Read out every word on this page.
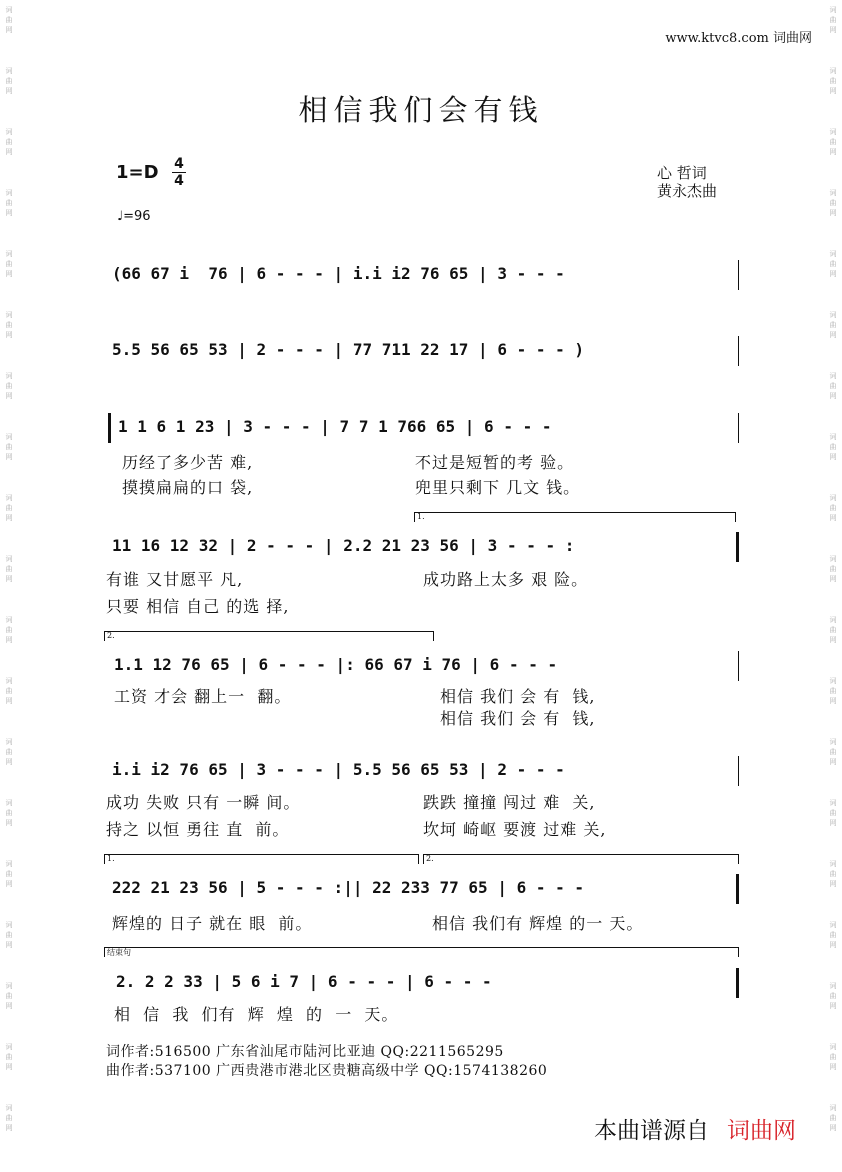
词
曲
网
词
曲
网
词
曲
网
词
曲
网
词
曲
网
词
曲
网
词
曲
网
词
曲
网
词
曲
网
词
曲
网
词
曲
网
词
曲
网
词
曲
网
词
曲
网
词
曲
网
词
曲
网
词
曲
网
词
曲
网
词
曲
网
词
曲
网
词
曲
网
词
曲
网
词
曲
网
词
曲
网
词
曲
网
词
曲
网
词
曲
网
词
曲
网
词
曲
网
词
曲
网
词
曲
网
词
曲
网
词
曲
网
词
曲
网
词
曲
网
词
曲
网
词
曲
网
词
曲
网
www.ktvc8.com 词曲网
相信我们会有钱
1=D 4
4
♩=96
心 哲词
黄永杰曲
(66 67 i  76 | 6 - - - | i.i i2 76 65 | 3 - - -
5.5 56 65 53 | 2 - - - | 77 711 22 17 | 6 - - - )
1 1 6 1 23 | 3 - - - | 7 7 1 766 65 | 6 - - -
历经了多少苦 难,	不过是短暂的考 验。
摸摸扁扁的口 袋,	兜里只剩下 几文 钱。
1.
11 16 12 32 | 2 - - - | 2.2 21 23 56 | 3 - - - :
有谁 又甘愿平 凡,	成功路上太多 艰 险。
只要 相信 自己 的选 择,
2.
1.1 12 76 65 | 6 - - - |: 66 67 i 76 | 6 - - -
工资 才会 翻上一  翻。	相信 我们 会 有  钱,
相信 我们 会 有  钱,
i.i i2 76 65 | 3 - - - | 5.5 56 65 53 | 2 - - -
成功 失败 只有 一瞬 间。	跌跌 撞撞 闯过 难  关,
持之 以恒 勇往 直  前。	坎坷 崎岖 要渡 过难 关,
1.	2.
222 21 23 56 | 5 - - - :|| 22 233 77 65 | 6 - - -
辉煌的 日子 就在 眼  前。	相信 我们有 辉煌 的一 天。
结束句
2. 2 2 33 | 5 6 i 7 | 6 - - - | 6 - - -
相  信  我  们有  辉  煌  的  一  天。
词作者:516500 广东省汕尾市陆河比亚迪 QQ:2211565295
曲作者:537100 广西贵港市港北区贵糖高级中学 QQ:1574138260
本曲谱源自 词曲网
